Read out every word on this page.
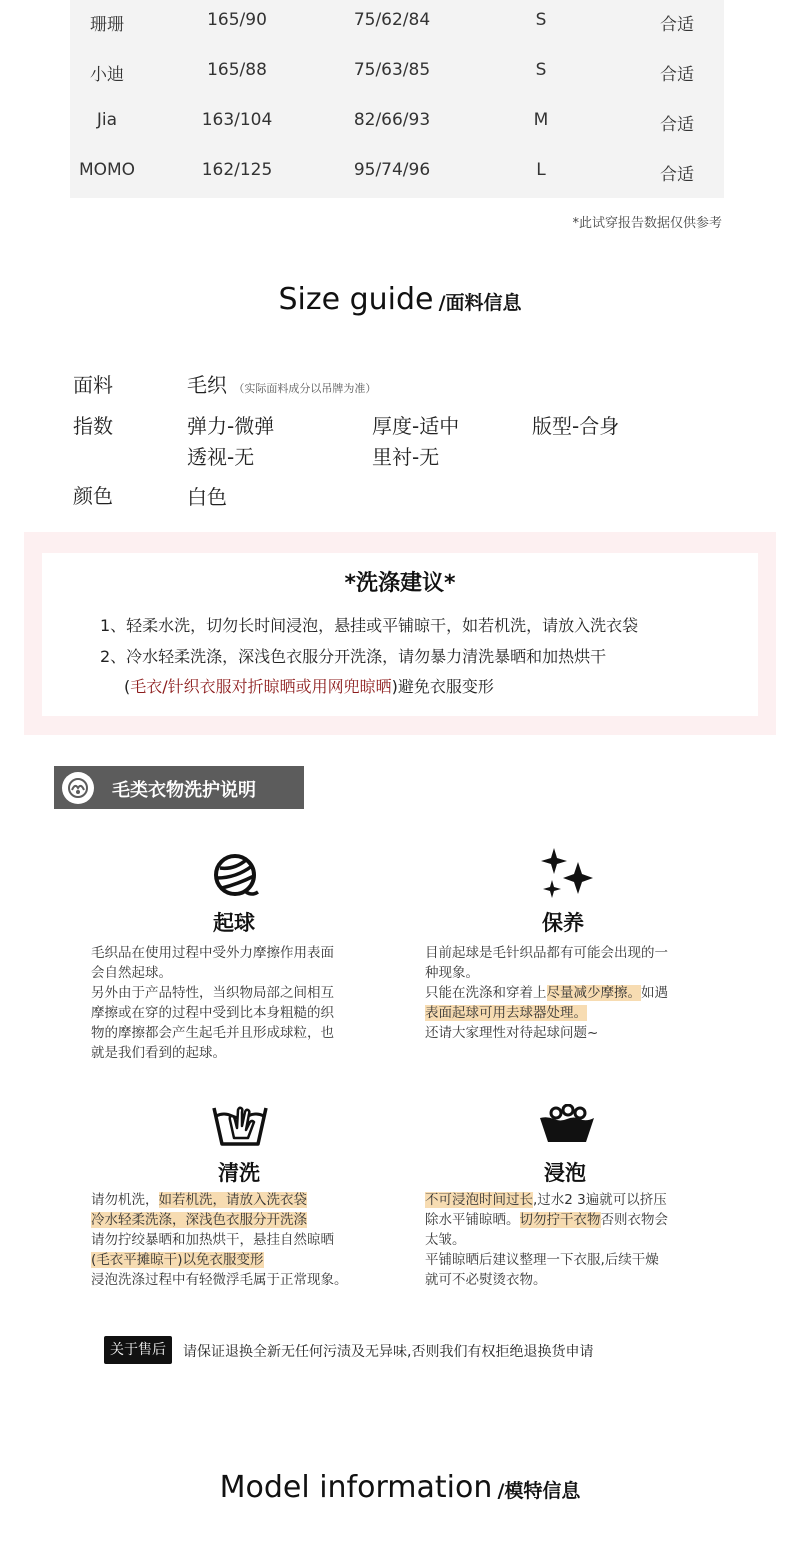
珊珊	165/90	75/62/84	S	合适
小迪	165/88	75/63/85	S	合适
Jia	163/104	82/66/93	M	合适
MOMO	162/125	95/74/96	L	合适
*此试穿报告数据仅供参考
Size guide /面料信息
面料	毛织 （实际面料成分以吊牌为准）
指数	弹力-微弹	厚度-适中	版型-合身
透视-无	里衬-无
颜色	白色
*洗涤建议*
1、轻柔水洗，切勿长时间浸泡，悬挂或平铺晾干，如若机洗，请放入洗衣袋
2、冷水轻柔洗涤，深浅色衣服分开洗涤，请勿暴力清洗暴晒和加热烘干
(毛衣/针织衣服对折晾晒或用网兜晾晒)避免衣服变形
毛类衣物洗护说明
起球
毛织品在使用过程中受外力摩擦作用表面
会自然起球。
另外由于产品特性，当织物局部之间相互
摩擦或在穿的过程中受到比本身粗糙的织
物的摩擦都会产生起毛并且形成球粒，也
就是我们看到的起球。
保养
目前起球是毛针织品都有可能会出现的一
种现象。
只能在洗涤和穿着上尽量减少摩擦。如遇
表面起球可用去球器处理。
还请大家理性对待起球问题~
清洗
请勿机洗，如若机洗，请放入洗衣袋
冷水轻柔洗涤，深浅色衣服分开洗涤
请勿拧绞暴晒和加热烘干，悬挂自然晾晒
(毛衣平摊晾干)以免衣服变形
浸泡洗涤过程中有轻微浮毛属于正常现象。
浸泡
不可浸泡时间过长,过水2 3遍就可以挤压
除水平铺晾晒。切勿拧干衣物否则衣物会
太皱。
平铺晾晒后建议整理一下衣服,后续干燥
就可不必熨烫衣物。
关于售后	请保证退换全新无任何污渍及无异味,否则我们有权拒绝退换货申请
Model information /模特信息
